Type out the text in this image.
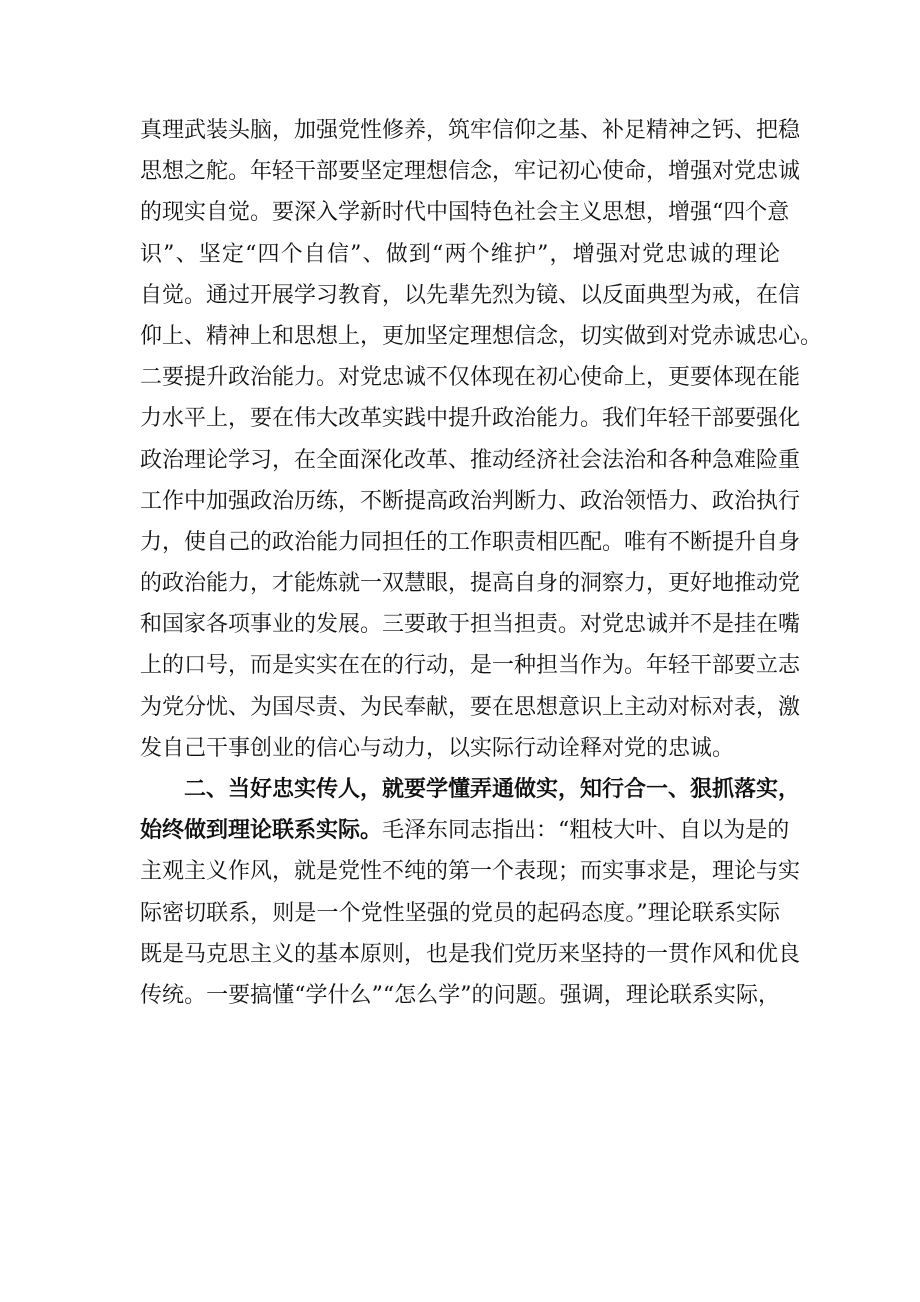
真理武装头脑，加强党性修养，筑牢信仰之基、补足精神之钙、把稳
思想之舵。年轻干部要坚定理想信念，牢记初心使命，增强对党忠诚
的现实自觉。要深入学新时代中国特色社会主义思想，增强“四个意
识”、坚定“四个自信”、做到“两个维护”，增强对党忠诚的理论
自觉。通过开展学习教育，以先辈先烈为镜、以反面典型为戒，在信
仰上、精神上和思想上，更加坚定理想信念，切实做到对党赤诚忠心。
二要提升政治能力。对党忠诚不仅体现在初心使命上，更要体现在能
力水平上，要在伟大改革实践中提升政治能力。我们年轻干部要强化
政治理论学习，在全面深化改革、推动经济社会法治和各种急难险重
工作中加强政治历练，不断提高政治判断力、政治领悟力、政治执行
力，使自己的政治能力同担任的工作职责相匹配。唯有不断提升自身
的政治能力，才能炼就一双慧眼，提高自身的洞察力，更好地推动党
和国家各项事业的发展。三要敢于担当担责。对党忠诚并不是挂在嘴
上的口号，而是实实在在的行动，是一种担当作为。年轻干部要立志
为党分忧、为国尽责、为民奉献，要在思想意识上主动对标对表，激
发自己干事创业的信心与动力，以实际行动诠释对党的忠诚。
二、当好忠实传人，就要学懂弄通做实，知行合一、狠抓落实，
始终做到理论联系实际。毛泽东同志指出：“粗枝大叶、自以为是的
主观主义作风，就是党性不纯的第一个表现；而实事求是，理论与实
际密切联系，则是一个党性坚强的党员的起码态度。”理论联系实际
既是马克思主义的基本原则，也是我们党历来坚持的一贯作风和优良
传统。一要搞懂“学什么”“怎么学”的问题。强调，理论联系实际，
